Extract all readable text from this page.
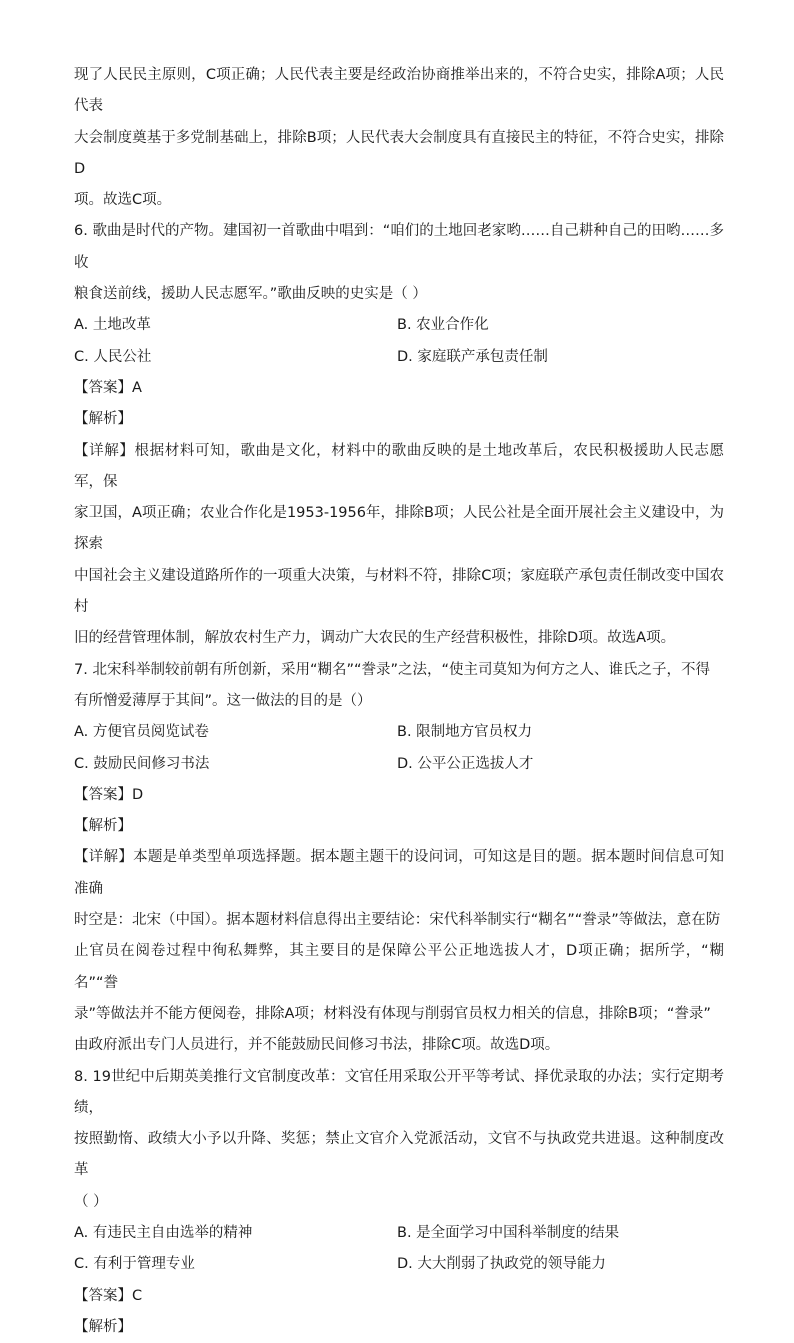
现了人民民主原则，C项正确；人民代表主要是经政治协商推举出来的，不符合史实，排除A项；人民代表

大会制度奠基于多党制基础上，排除B项；人民代表大会制度具有直接民主的特征，不符合史实，排除D

项。故选C项。

6. 歌曲是时代的产物。建国初一首歌曲中唱到：“咱们的土地回老家哟……自己耕种自己的田哟……多收

粮食送前线，援助人民志愿军。”歌曲反映的史实是（ ）

A. 土地改革	B. 农业合作化
C. 人民公社	D. 家庭联产承包责任制

【答案】A

【解析】

【详解】根据材料可知，歌曲是文化，材料中的歌曲反映的是土地改革后，农民积极援助人民志愿军，保

家卫国，A项正确；农业合作化是1953-1956年，排除B项；人民公社是全面开展社会主义建设中，为探索

中国社会主义建设道路所作的一项重大决策，与材料不符，排除C项；家庭联产承包责任制改变中国农村

旧的经营管理体制，解放农村生产力，调动广大农民的生产经营积极性，排除D项。故选A项。

7. 北宋科举制较前朝有所创新，采用“糊名”“誊录”之法，“使主司莫知为何方之人、谁氏之子，不得

有所憎爱薄厚于其间”。这一做法的目的是（）

A. 方便官员阅览试卷	B. 限制地方官员权力
C. 鼓励民间修习书法	D. 公平公正选拔人才

【答案】D

【解析】

【详解】本题是单类型单项选择题。据本题主题干的设问词，可知这是目的题。据本题时间信息可知准确

时空是：北宋（中国）。据本题材料信息得出主要结论：宋代科举制实行“糊名”“誊录”等做法，意在防

止官员在阅卷过程中徇私舞弊，其主要目的是保障公平公正地选拔人才，D项正确；据所学，“糊名”“誊

录”等做法并不能方便阅卷，排除A项；材料没有体现与削弱官员权力相关的信息，排除B项；“誊录”

由政府派出专门人员进行，并不能鼓励民间修习书法，排除C项。故选D项。

8. 19世纪中后期英美推行文官制度改革：文官任用采取公开平等考试、择优录取的办法；实行定期考绩，

按照勤惰、政绩大小予以升降、奖惩；禁止文官介入党派活动，文官不与执政党共进退。这种制度改革

（ ）

A. 有违民主自由选举的精神	B. 是全面学习中国科举制度的结果
C. 有利于管理专业	D. 大大削弱了执政党的领导能力

【答案】C

【解析】
